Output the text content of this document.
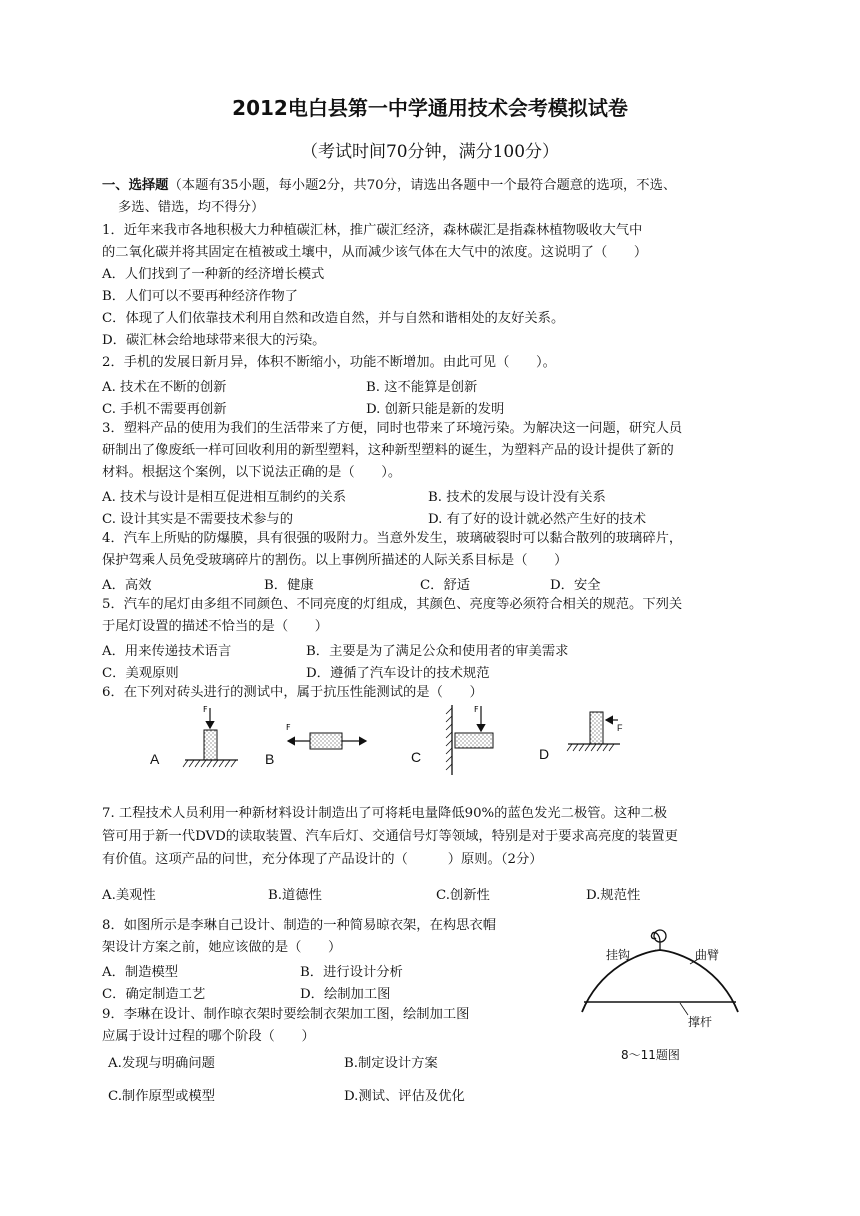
2012电白县第一中学通用技术会考模拟试卷
（考试时间70分钟，满分100分）
一、选择题（本题有35小题，每小题2分，共70分，请选出各题中一个最符合题意的选项，不选、
多选、错选，均不得分）
1．近年来我市各地积极大力种植碳汇林，推广碳汇经济，森林碳汇是指森林植物吸收大气中
的二氧化碳并将其固定在植被或土壤中，从而减少该气体在大气中的浓度。这说明了（　　）
A．人们找到了一种新的经济增长模式
B．人们可以不要再种经济作物了
C．体现了人们依靠技术利用自然和改造自然，并与自然和谐相处的友好关系。
D．碳汇林会给地球带来很大的污染。
2．手机的发展日新月异，体积不断缩小，功能不断增加。由此可见（　　）。
A. 技术在不断的创新	B. 这不能算是创新
C. 手机不需要再创新	D. 创新只能是新的发明
3．塑料产品的使用为我们的生活带来了方便，同时也带来了环境污染。为解决这一问题，研究人员
研制出了像废纸一样可回收利用的新型塑料，这种新型塑料的诞生，为塑料产品的设计提供了新的
材料。根据这个案例，以下说法正确的是（　　）。
A. 技术与设计是相互促进相互制约的关系	B. 技术的发展与设计没有关系
C. 设计其实是不需要技术参与的	D. 有了好的设计就必然产生好的技术
4．汽车上所贴的防爆膜，具有很强的吸附力。当意外发生，玻璃破裂时可以黏合散列的玻璃碎片，
保护驾乘人员免受玻璃碎片的割伤。以上事例所描述的人际关系目标是（　　）
A．高效	B．健康	C．舒适	D．安全
5．汽车的尾灯由多组不同颜色、不同亮度的灯组成，其颜色、亮度等必须符合相关的规范。下列关
于尾灯设置的描述不恰当的是（　　）
A．用来传递技术语言	B．主要是为了满足公众和使用者的审美需求
C．美观原则	D．遵循了汽车设计的技术规范
6．在下列对砖头进行的测试中，属于抗压性能测试的是（　　）
F
F
F
A	B	C	D
F
7. 工程技术人员利用一种新材料设计制造出了可将耗电量降低90%的蓝色发光二极管。这种二极
管可用于新一代DVD的读取装置、汽车后灯、交通信号灯等领域，特别是对于要求高亮度的装置更
有价值。这项产品的问世，充分体现了产品设计的（　　　）原则。（2分）
A.美观性	B.道德性	C.创新性	D.规范性
8．如图所示是李琳自己设计、制造的一种简易晾衣架，在构思衣帽
架设计方案之前，她应该做的是（　　）
A．制造模型	B．进行设计分析
C．确定制造工艺	D．绘制加工图
9．李琳在设计、制作晾衣架时要绘制衣架加工图，绘制加工图
应属于设计过程的哪个阶段（　　）
A.发现与明确问题	B.制定设计方案
C.制作原型或模型	D.测试、评估及优化
挂钩	曲臂
撑杆
8～11题图
